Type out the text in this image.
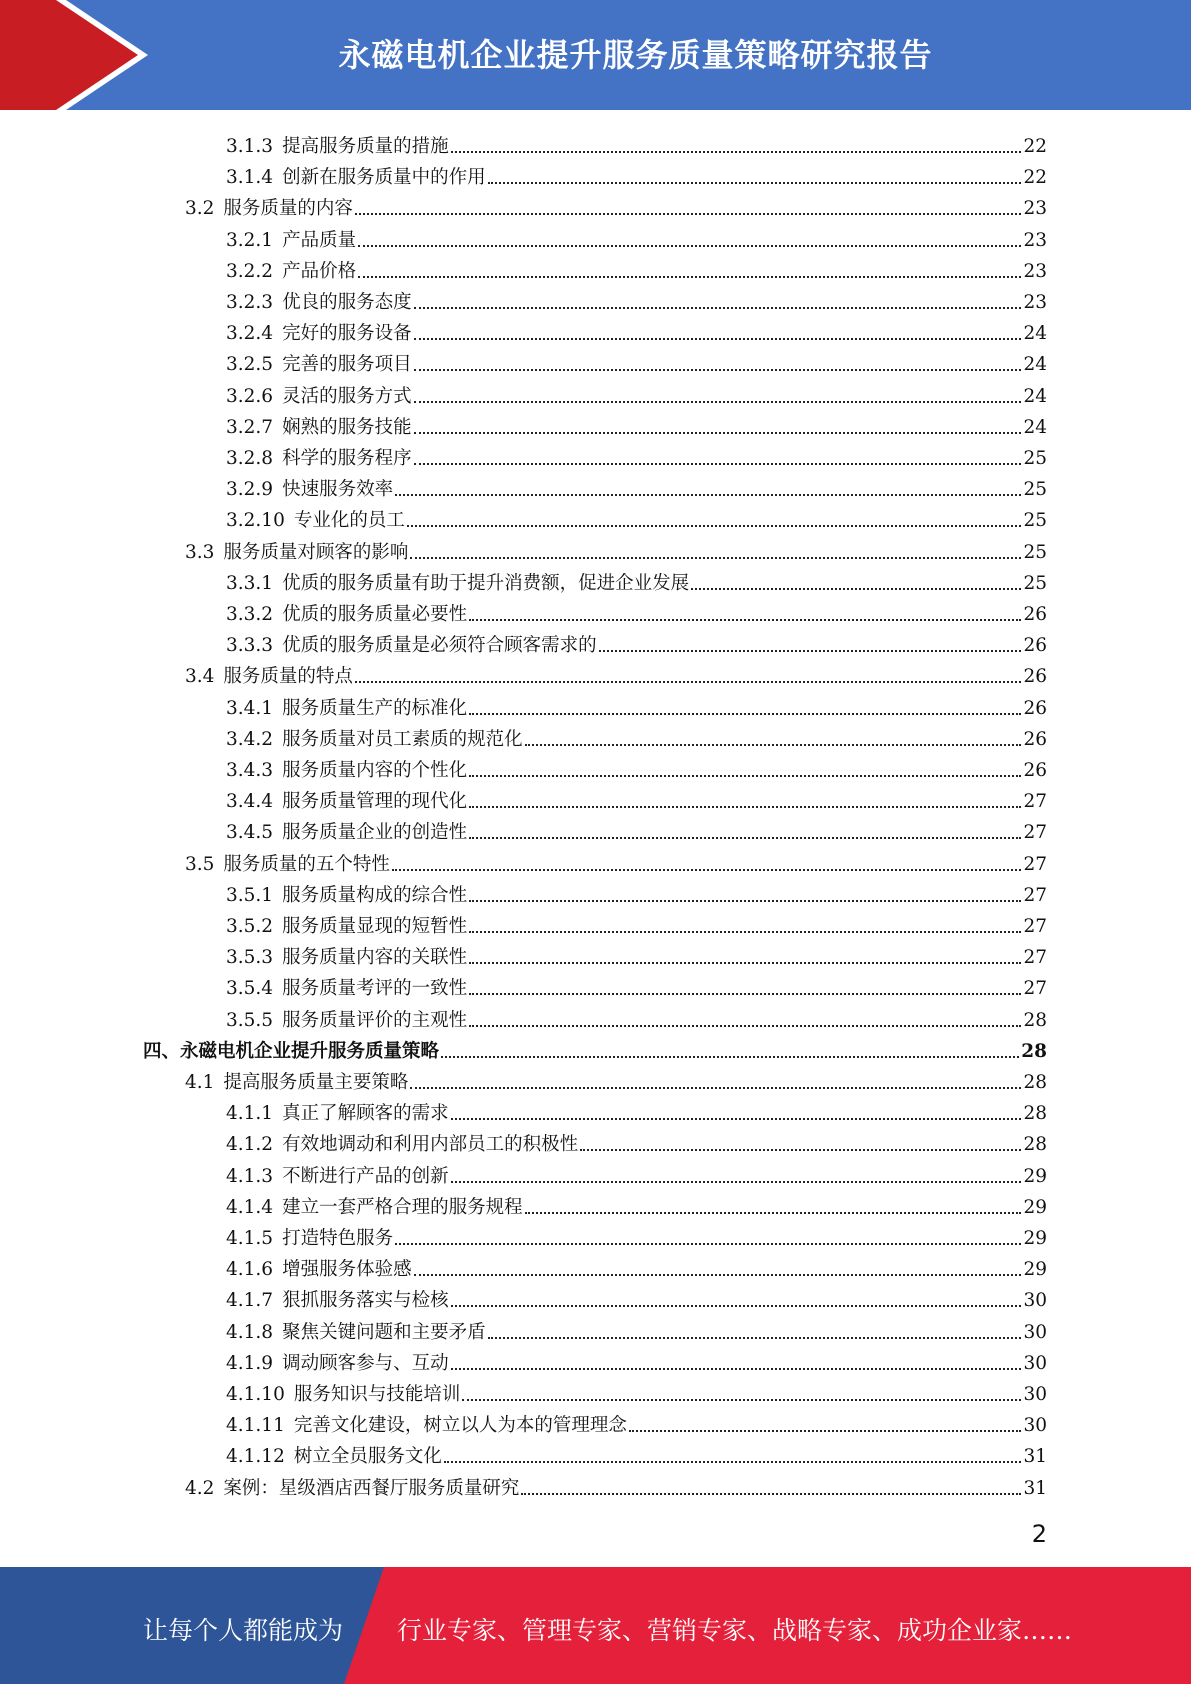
永磁电机企业提升服务质量策略研究报告
3.1.3 提高服务质量的措施	22
3.1.4 创新在服务质量中的作用	22
3.2 服务质量的内容	23
3.2.1 产品质量	23
3.2.2 产品价格	23
3.2.3 优良的服务态度	23
3.2.4 完好的服务设备	24
3.2.5 完善的服务项目	24
3.2.6 灵活的服务方式	24
3.2.7 娴熟的服务技能	24
3.2.8 科学的服务程序	25
3.2.9 快速服务效率	25
3.2.10 专业化的员工	25
3.3 服务质量对顾客的影响	25
3.3.1 优质的服务质量有助于提升消费额，促进企业发展	25
3.3.2 优质的服务质量必要性	26
3.3.3 优质的服务质量是必须符合顾客需求的	26
3.4 服务质量的特点	26
3.4.1 服务质量生产的标准化	26
3.4.2 服务质量对员工素质的规范化	26
3.4.3 服务质量内容的个性化	26
3.4.4 服务质量管理的现代化	27
3.4.5 服务质量企业的创造性	27
3.5 服务质量的五个特性	27
3.5.1 服务质量构成的综合性	27
3.5.2 服务质量显现的短暂性	27
3.5.3 服务质量内容的关联性	27
3.5.4 服务质量考评的一致性	27
3.5.5 服务质量评价的主观性	28
四、永磁电机企业提升服务质量策略	28
4.1 提高服务质量主要策略	28
4.1.1 真正了解顾客的需求	28
4.1.2 有效地调动和利用内部员工的积极性	28
4.1.3 不断进行产品的创新	29
4.1.4 建立一套严格合理的服务规程	29
4.1.5 打造特色服务	29
4.1.6 增强服务体验感	29
4.1.7 狠抓服务落实与检核	30
4.1.8 聚焦关键问题和主要矛盾	30
4.1.9 调动顾客参与、互动	30
4.1.10 服务知识与技能培训	30
4.1.11 完善文化建设，树立以人为本的管理理念	30
4.1.12 树立全员服务文化	31
4.2 案例：星级酒店西餐厅服务质量研究	31
2
让每个人都能成为 行业专家、管理专家、营销专家、战略专家、成功企业家……
